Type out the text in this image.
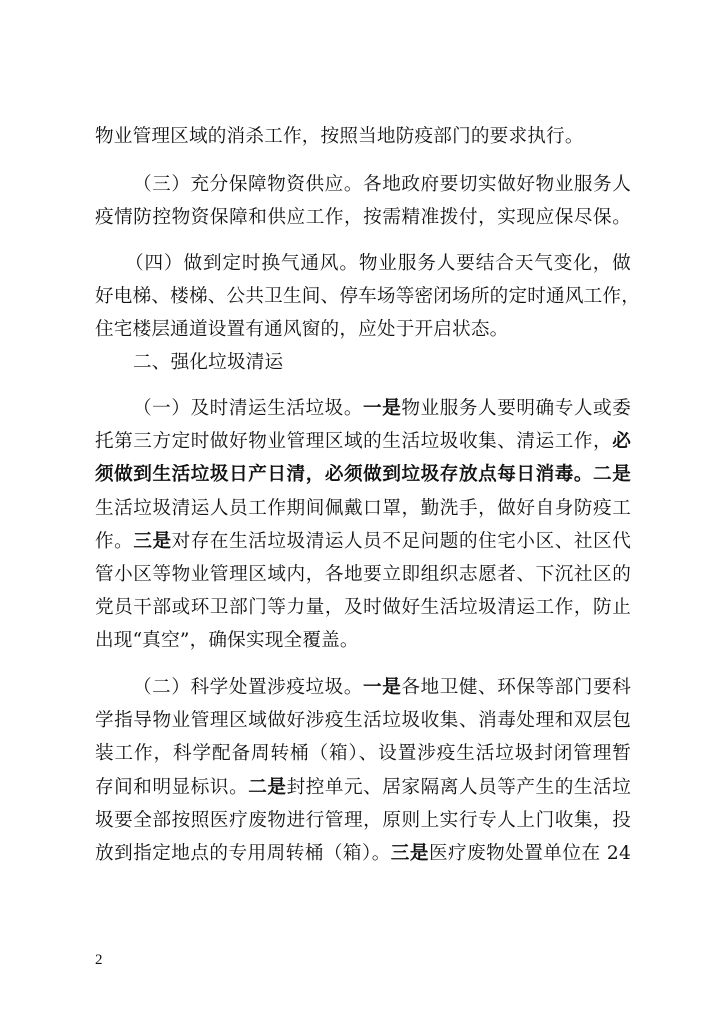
物业管理区域的消杀工作，按照当地防疫部门的要求执行。
（三）充分保障物资供应。各地政府要切实做好物业服务人
疫情防控物资保障和供应工作，按需精准拨付，实现应保尽保。
（四）做到定时换气通风。物业服务人要结合天气变化，做
好电梯、楼梯、公共卫生间、停车场等密闭场所的定时通风工作，
住宅楼层通道设置有通风窗的，应处于开启状态。
二、强化垃圾清运
（一）及时清运生活垃圾。一是物业服务人要明确专人或委
托第三方定时做好物业管理区域的生活垃圾收集、清运工作，必
须做到生活垃圾日产日清，必须做到垃圾存放点每日消毒。二是
生活垃圾清运人员工作期间佩戴口罩，勤洗手，做好自身防疫工
作。三是对存在生活垃圾清运人员不足问题的住宅小区、社区代
管小区等物业管理区域内，各地要立即组织志愿者、下沉社区的
党员干部或环卫部门等力量，及时做好生活垃圾清运工作，防止
出现“真空”，确保实现全覆盖。
（二）科学处置涉疫垃圾。一是各地卫健、环保等部门要科
学指导物业管理区域做好涉疫生活垃圾收集、消毒处理和双层包
装工作，科学配备周转桶（箱）、设置涉疫生活垃圾封闭管理暂
存间和明显标识。二是封控单元、居家隔离人员等产生的生活垃
圾要全部按照医疗废物进行管理，原则上实行专人上门收集，投
放到指定地点的专用周转桶（箱）。三是医疗废物处置单位在 24
2
